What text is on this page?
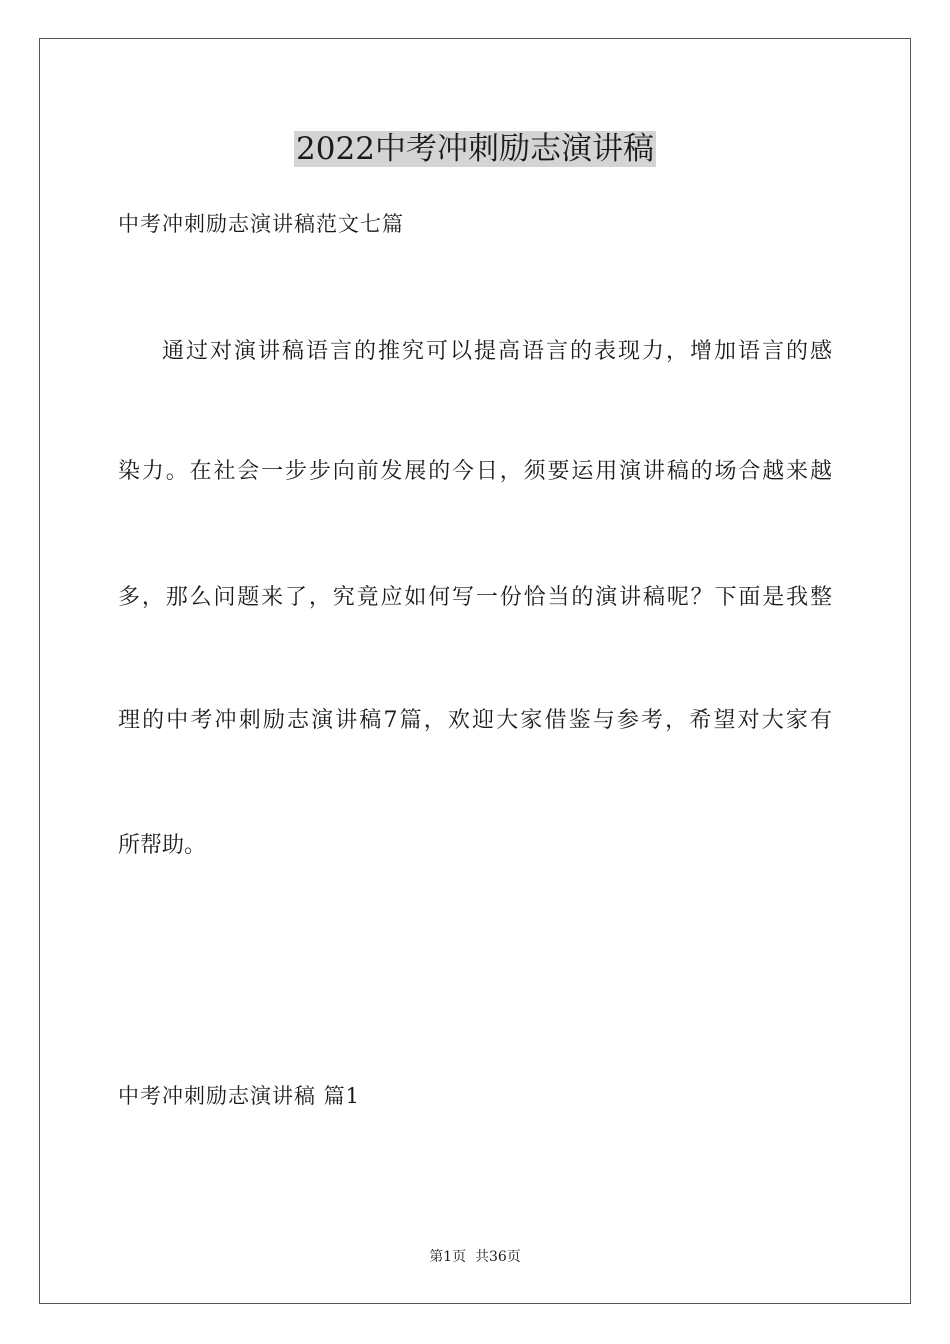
2022中考冲刺励志演讲稿
中考冲刺励志演讲稿范文七篇
通过对演讲稿语言的推究可以提高语言的表现力，增加语言的感
染力。在社会一步步向前发展的今日，须要运用演讲稿的场合越来越
多，那么问题来了，究竟应如何写一份恰当的演讲稿呢？下面是我整
理的中考冲刺励志演讲稿7篇，欢迎大家借鉴与参考，希望对大家有
所帮助。
中考冲刺励志演讲稿 篇1
第1页  共36页
